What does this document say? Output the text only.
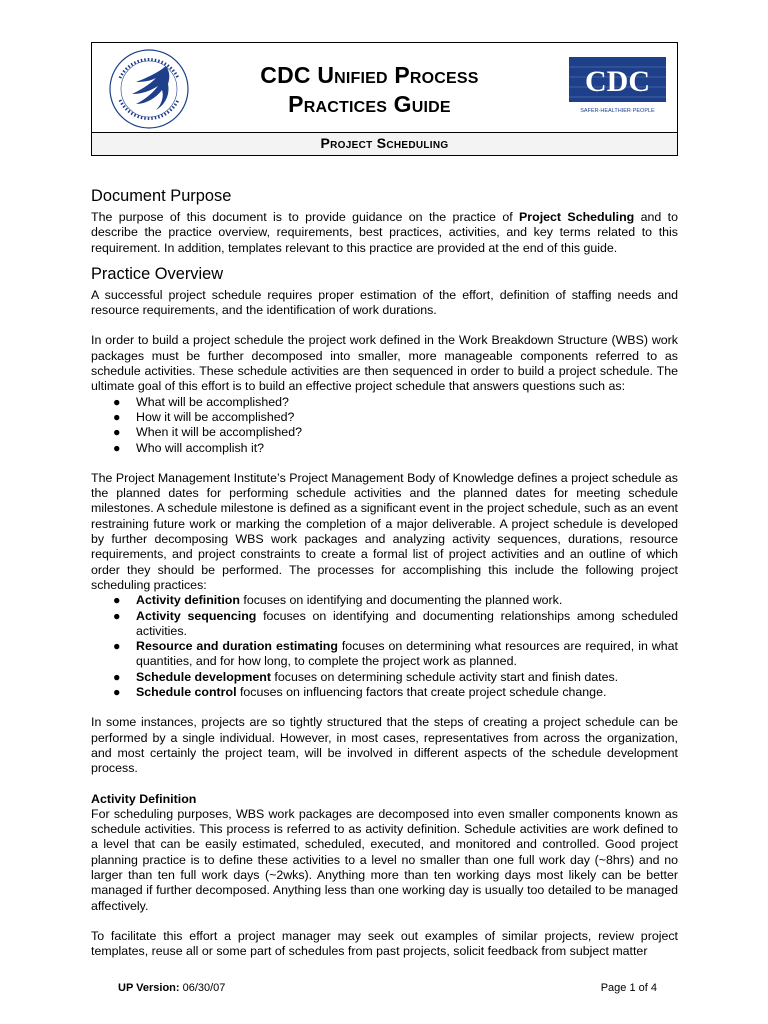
CDC Unified Process
Practices Guide
CDC
SAFER·HEALTHIER·PEOPLE
Project Scheduling
Document Purpose

The purpose of this document is to provide guidance on the practice of Project Scheduling and to describe the practice overview, requirements, best practices, activities, and key terms related to this requirement. In addition, templates relevant to this practice are provided at the end of this guide.

Practice Overview

A successful project schedule requires proper estimation of the effort, definition of staffing needs and resource requirements, and the identification of work durations.

In order to build a project schedule the project work defined in the Work Breakdown Structure (WBS) work packages must be further decomposed into smaller, more manageable components referred to as schedule activities. These schedule activities are then sequenced in order to build a project schedule. The ultimate goal of this effort is to build an effective project schedule that answers questions such as:

● What will be accomplished?
● How it will be accomplished?
● When it will be accomplished?
● Who will accomplish it?

The Project Management Institute’s Project Management Body of Knowledge defines a project schedule as the planned dates for performing schedule activities and the planned dates for meeting schedule milestones. A schedule milestone is defined as a significant event in the project schedule, such as an event restraining future work or marking the completion of a major deliverable. A project schedule is developed by further decomposing WBS work packages and analyzing activity sequences, durations, resource requirements, and project constraints to create a formal list of project activities and an outline of which order they should be performed. The processes for accomplishing this include the following project scheduling practices:

● Activity definition focuses on identifying and documenting the planned work.
● Activity sequencing focuses on identifying and documenting relationships among scheduled activities.
● Resource and duration estimating focuses on determining what resources are required, in what quantities, and for how long, to complete the project work as planned.
● Schedule development focuses on determining schedule activity start and finish dates.
● Schedule control focuses on influencing factors that create project schedule change.

In some instances, projects are so tightly structured that the steps of creating a project schedule can be performed by a single individual. However, in most cases, representatives from across the organization, and most certainly the project team, will be involved in different aspects of the schedule development process.

Activity Definition

For scheduling purposes, WBS work packages are decomposed into even smaller components known as schedule activities. This process is referred to as activity definition. Schedule activities are work defined to a level that can be easily estimated, scheduled, executed, and monitored and controlled. Good project planning practice is to define these activities to a level no smaller than one full work day (~8hrs) and no larger than ten full work days (~2wks). Anything more than ten working days most likely can be better managed if further decomposed. Anything less than one working day is usually too detailed to be managed affectively.

To facilitate this effort a project manager may seek out examples of similar projects, review project templates, reuse all or some part of schedules from past projects, solicit feedback from subject matter

UP Version: 06/30/07	Page 1 of 4
